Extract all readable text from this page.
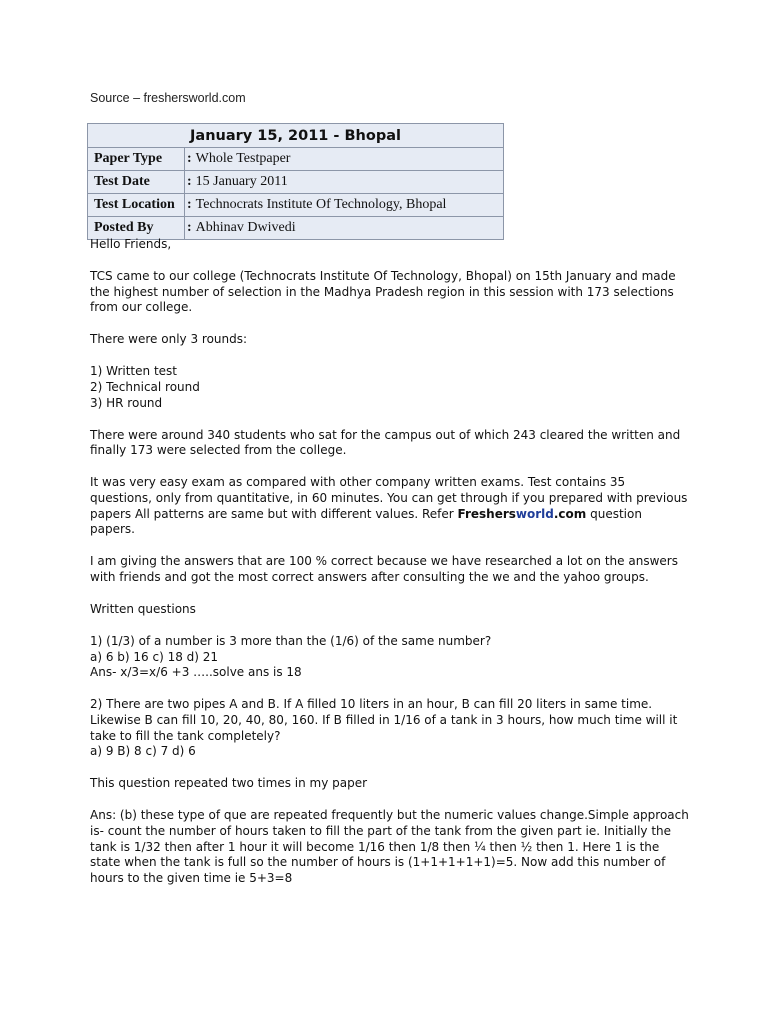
Source – freshersworld.com
January 15, 2011 - Bhopal	
Paper Type	: Whole Testpaper
Test Date	: 15 January 2011
Test Location	: Technocrats Institute Of Technology, Bhopal
Posted By	: Abhinav Dwivedi

Hello Friends,

TCS came to our college (Technocrats Institute Of Technology, Bhopal) on 15th January and made the highest number of selection in the Madhya Pradesh region in this session with 173 selections from our college.

There were only 3 rounds:

1) Written test
2) Technical round
3) HR round

There were around 340 students who sat for the campus out of which 243 cleared the written and finally 173 were selected from the college.

It was very easy exam as compared with other company written exams. Test contains 35 questions, only from quantitative, in 60 minutes. You can get through if you prepared with previous papers All patterns are same but with different values. Refer Freshersworld.com question papers.

I am giving the answers that are 100 % correct because we have researched a lot on the answers with friends and got the most correct answers after consulting the we and the yahoo groups.

Written questions

1) (1/3) of a number is 3 more than the (1/6) of the same number?
a) 6 b) 16 c) 18 d) 21
Ans- x/3=x/6 +3 …..solve ans is 18

2) There are two pipes A and B. If A filled 10 liters in an hour, B can fill 20 liters in same time. Likewise B can fill 10, 20, 40, 80, 160. If B filled in 1/16 of a tank in 3 hours, how much time will it take to fill the tank completely?
a) 9 B) 8 c) 7 d) 6

This question repeated two times in my paper

Ans: (b) these type of que are repeated frequently but the numeric values change.Simple approach is- count the number of hours taken to fill the part of the tank from the given part ie. Initially the tank is 1/32 then after 1 hour it will become 1/16 then 1/8 then ¼ then ½ then 1. Here 1 is the state when the tank is full so the number of hours is (1+1+1+1+1)=5. Now add this number of hours to the given time ie 5+3=8
